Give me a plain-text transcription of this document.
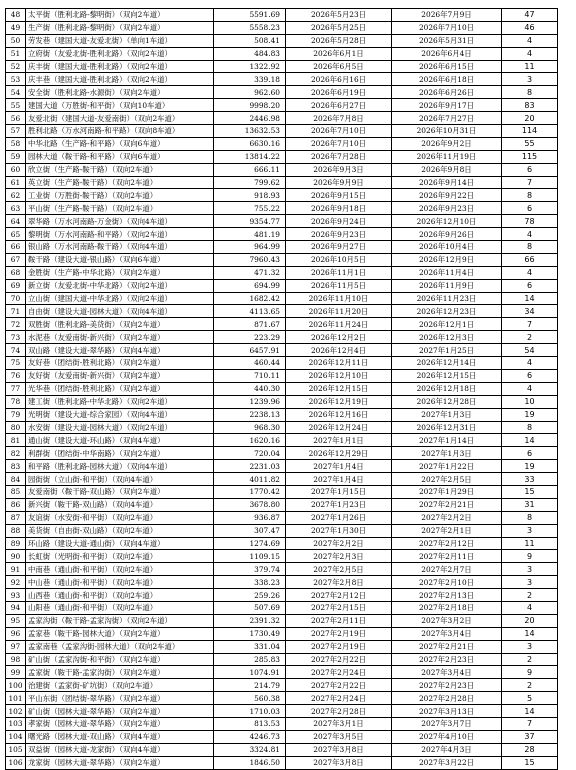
48	太平街（胜利北路-黎明街）（双向2车道）	5591.69	2026年5月23日	2026年7月9日	47
49	生产街（胜利北路-黎明街）（双向2车道）	5558.23	2026年5月25日	2026年7月10日	46
50	劳发巷（建国大道-友爱北街）（单向1车道）	508.41	2026年5月28日	2026年5月31日	4
51	立府街（友爱北街-胜利北路）（双向2车道）	484.83	2026年6月1日	2026年6月4日	4
52	庆丰街（建国大道-胜利北路）（双向2车道）	1322.92	2026年6月5日	2026年6月15日	11
53	庆丰巷（建国大道-胜利北路）（双向2车道）	339.18	2026年6月16日	2026年6月18日	3
54	安全街（胜利北路-水源街）（双向2车道）	962.60	2026年6月19日	2026年6月26日	8
55	建国大道（万胜街-和平街）（双向10车道）	9998.20	2026年6月27日	2026年9月17日	83
56	友爱北街（建国大道-友爱南街）（双向2车道）	2446.98	2026年7月8日	2026年7月27日	20
57	胜利北路（万水河南路-和平路）（双向8车道）	13632.53	2026年7月10日	2026年10月31日	114
58	中华北路（生产路-和平路）（双向6车道）	6630.16	2026年7月10日	2026年9月2日	55
59	园林大道（鞍干路-和平路）（双向6车道）	13814.22	2026年7月28日	2026年11月19日	115
60	欣立街（生产路-鞍干路）（双向2车道）	666.11	2026年9月3日	2026年9月8日	6
61	英立街（生产路-鞍干路）（双向2车道）	799.62	2026年9月9日	2026年9月14日	7
62	工业街（万胜街-鞍干路）（双向2车道）	918.93	2026年9月15日	2026年9月22日	8
63	平山街（生产路-鞍干路）（双向2车道）	755.22	2026年9月18日	2026年9月23日	6
64	翠华路（万水河南路-万金街）（双向4车道）	9354.77	2026年9月24日	2026年12月10日	78
65	黎明街（万水河南路-和平路）（双向2车道）	481.19	2026年9月23日	2026年9月26日	4
66	银山路（万水河南路-鞍干路）（双向4车道）	964.99	2026年9月27日	2026年10月4日	8
67	鞍干路（建设大道-银山路）（双向6车道）	7960.43	2026年10月5日	2026年12月9日	66
68	金胜街（生产路-中华北路）（双向2车道）	471.32	2026年11月1日	2026年11月4日	4
69	新立街（友爱北街-中华北路）（双向2车道）	694.99	2026年11月5日	2026年11月9日	6
70	立山街（建国大道-中华北路）（双向2车道）	1682.42	2026年11月10日	2026年11月23日	14
71	自由街（建设大道-园林大道）（双向4车道）	4113.65	2026年11月20日	2026年12月23日	34
72	双胜街（胜利北路-美货街）（双向2车道）	871.67	2026年11月24日	2026年12月1日	7
73	水泥巷（友爱南街-新兴街）（双向2车道）	223.29	2026年12月2日	2026年12月3日	2
74	双山路（建设大道-翠华路）（双向4车道）	6457.91	2026年12月4日	2027年1月25日	54
75	友好巷（团结街-胜利北路）（双向2车道）	460.44	2026年12月11日	2026年12月14日	4
76	友好街（友爱南街-新兴街）（双向2车道）	710.11	2026年12月10日	2026年12月15日	6
77	光华巷（团结街-胜利北路）（双向2车道）	440.30	2026年12月15日	2026年12月18日	4
78	建工街（胜利北路-中华北路）（双向2车道）	1239.96	2026年12月19日	2026年12月28日	10
79	光明街（建设大道-综合家园）（双向4车道）	2238.13	2026年12月16日	2027年1月3日	19
80	水安街（建设大道-园林大道）（双向2车道）	968.30	2026年12月24日	2026年12月31日	8
81	通山街（建设大道-环山路）（双向4车道）	1620.16	2027年1月1日	2027年1月14日	14
82	利群街（团结街-中华南路）（双向2车道）	720.04	2026年12月29日	2027年1月3日	6
83	和平路（胜利北路-园林大道）（双向4车道）	2231.03	2027年1月4日	2027年1月22日	19
84	园街街（立山街-和平街）（双向4车道）	4011.82	2027年1月4日	2027年2月5日	33
85	友爱南街（鞍干路-双山路）（双向2车道）	1770.42	2027年1月15日	2027年1月29日	15
86	新兴街（鞍干路-双山路）（双向4车道）	3678.80	2027年1月23日	2027年2月21日	31
87	友谊街（水安街-和平街）（双向2车道）	936.87	2027年1月26日	2027年2月2日	8
88	美货街（自由街-双山路）（双向2车道）	307.47	2027年1月30日	2027年2月1日	3
89	环山路（建设大道-通山街）（双向4车道）	1274.69	2027年2月2日	2027年2月12日	11
90	长虹街（光明街-和平街）（双向2车道）	1109.15	2027年2月3日	2027年2月11日	9
91	中南巷（通山街-和平街）（双向2车道）	379.74	2027年2月5日	2027年2月7日	3
92	中山巷（通山街-和平街）（双向2车道）	338.23	2027年2月8日	2027年2月10日	3
93	山西巷（通山街-和平街）（双向2车道）	259.26	2027年2月12日	2027年2月13日	2
94	山阳巷（通山街-和平街）（双向2车道）	507.69	2027年2月15日	2027年2月18日	4
95	孟家沟街（鞍干路-孟家沟街）（双向2车道）	2391.32	2027年2月11日	2027年3月2日	20
96	孟家巷（鞍干路-园林大道）（双向2车道）	1730.49	2027年2月19日	2027年3月4日	14
97	孟家南巷（孟家沟街-园林大道）（双向2车道）	331.04	2027年2月19日	2027年2月21日	3
98	矿山街（孟家沟街-和平街）（双向2车道）	285.83	2027年2月22日	2027年2月23日	2
99	孟家街（鞍干路-孟家沟街）（双向2车道）	1074.91	2027年2月24日	2027年3月4日	9
100	治建街（孟家街-矿坑街）（双向2车道）	214.79	2027年2月22日	2027年2月23日	2
101	平山东街（团结街-翠华路）（双向2车道）	560.38	2027年2月24日	2027年2月28日	5
102	矿山街（园林大道-翠华路）（双向2车道）	1710.03	2027年2月28日	2027年3月13日	14
103	孝家街（园林大道-翠华路）（双向2车道）	813.53	2027年3月1日	2027年3月7日	7
104	曙光路（园林大道-双山路）（双向4车道）	4246.73	2027年3月5日	2027年4月10日	37
105	双益街（园林大道-龙家街）（双向4车道）	3324.81	2027年3月8日	2027年4月3日	28
106	龙家街（园林大道-翠华路）（双向2车道）	1846.50	2027年3月8日	2027年3月22日	15
